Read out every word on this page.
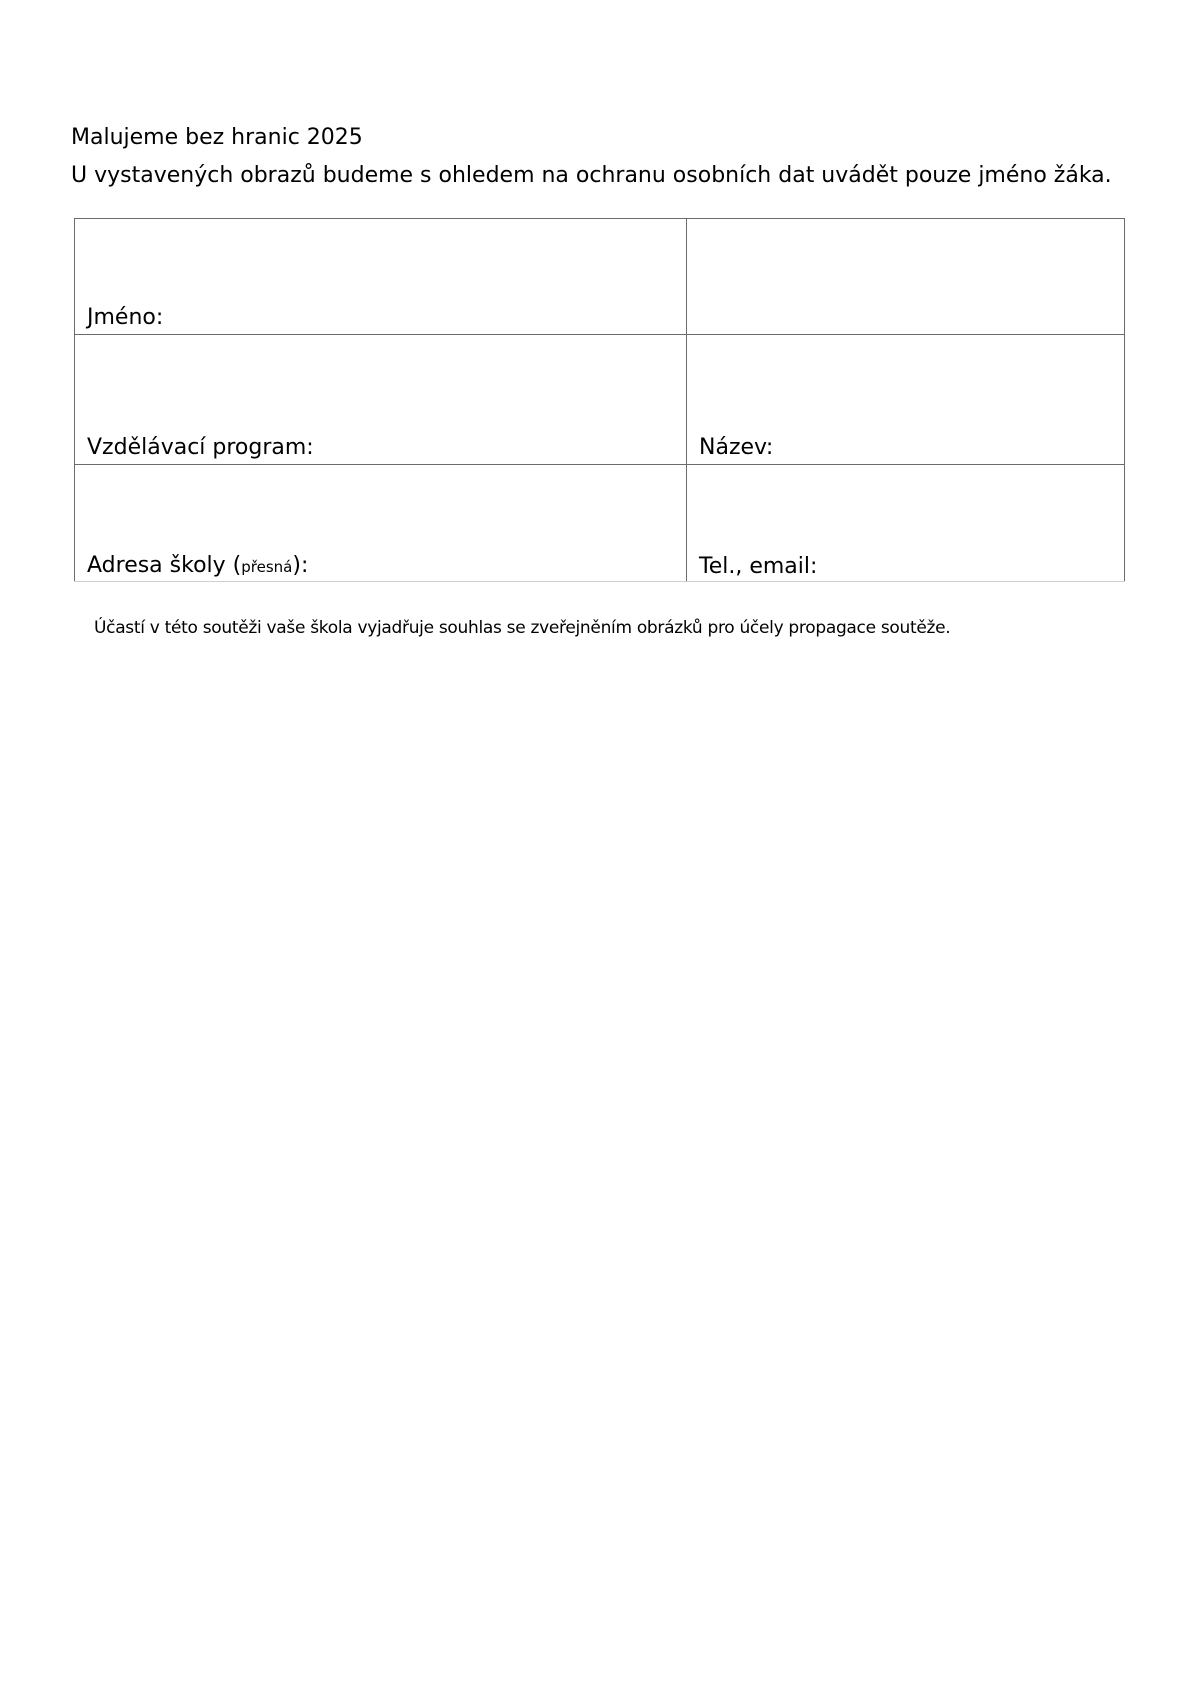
Malujeme bez hranic 2025
U vystavených obrazů budeme s ohledem na ochranu osobních dat uvádět pouze jméno žáka.
Jméno:	
Vzdělávací program:	Název:
Adresa školy (přesná):	Tel., email:
Účastí v této soutěži vaše škola vyjadřuje souhlas se zveřejněním obrázků pro účely propagace soutěže.
